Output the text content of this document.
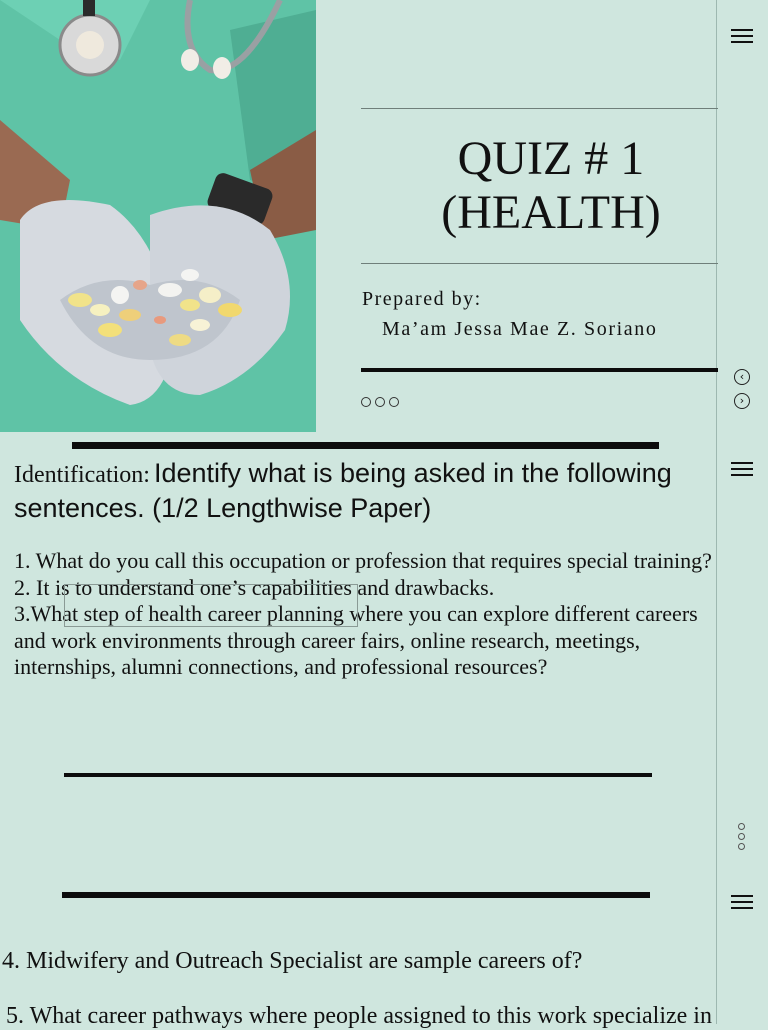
QUIZ # 1
(HEALTH)
Prepared by:
Ma’am Jessa Mae Z. Soriano
‹
›
Identification: Identify what is being asked in the following
sentences. (1/2 Lengthwise Paper)

1. What do you call this occupation or profession that requires special training?

2. It is to understand one’s capabilities and drawbacks.

3.What step of health career planning where you can explore different careers and work environments through career fairs, online research, meetings, internships, alumni connections, and professional resources?

4. Midwifery and Outreach Specialist are sample careers of?
5. What career pathways where people assigned to this work specialize in
